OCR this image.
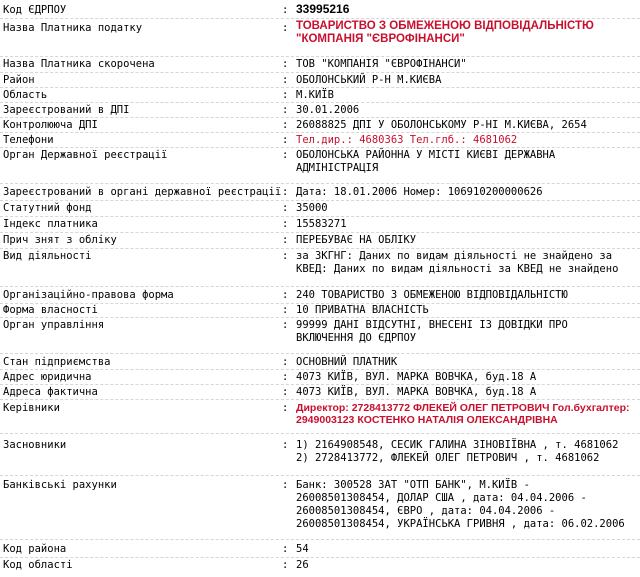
Код ЄДРПОУ	: 33995216
Назва Платника податку	: ТОВАРИСТВО З ОБМЕЖЕНОЮ ВІДПОВІДАЛЬНІСТЮ "КОМПАНІЯ "ЄВРОФІНАНСИ"
Назва Платника скорочена	: ТОВ "КОМПАНІЯ "ЄВРОФІНАНСИ"
Район	: ОБОЛОНСЬКИЙ Р-Н М.КИЄВА
Область	: М.КИЇВ
Зареєстрований в ДПІ	: 30.01.2006
Контролююча ДПІ	: 26088825 ДПІ У ОБОЛОНСЬКОМУ Р-НІ М.КИЄВА, 2654
Телефони	: Тел.дир.: 4680363 Тел.глб.: 4681062
Орган Державної реєстрації	: ОБОЛОНСЬКА РАЙОННА У МІСТІ КИЄВІ ДЕРЖАВНА
АДМІНІСТРАЦІЯ
Зареєстрований в органі державної реєстрації : Дата: 18.01.2006 Номер: 106910200000626
Статутний фонд	: 35000
Індекс платника	: 15583271
Прич знят з обліку	: ПЕРЕБУВАЄ НА ОБЛІКУ
Вид діяльності	: за ЗКГНГ: Даних по видам діяльності не знайдено за
КВЕД: Даних по видам діяльності за КВЕД не знайдено
Організаційно-правова форма	: 240 ТОВАРИСТВО З ОБМЕЖЕНОЮ ВІДПОВІДАЛЬНІСТЮ
Форма власності	: 10 ПРИВАТНА ВЛАСНІСТЬ
Орган управління	: 99999 ДАНІ ВІДСУТНІ, ВНЕСЕНІ ІЗ ДОВІДКИ ПРО
ВКЛЮЧЕННЯ ДО ЄДРПОУ
Стан підприємства	: ОСНОВНИЙ ПЛАТНИК
Адрес юридична	: 4073 КИЇВ, ВУЛ. МАРКА ВОВЧКА, буд.18 А
Адреса фактична	: 4073 КИЇВ, ВУЛ. МАРКА ВОВЧКА, буд.18 А
Керівники	: Директор: 2728413772 ФЛЕКЕЙ ОЛЕГ ПЕТРОВИЧ Гол.бухгалтер:
2949003123 КОСТЕНКО НАТАЛІЯ ОЛЕКСАНДРІВНА
Засновники	: 1) 2164908548, СЕСИК ГАЛИНА ЗІНОВІЇВНА , т. 4681062
2) 2728413772, ФЛЕКЕЙ ОЛЕГ ПЕТРОВИЧ , т. 4681062
Банківські рахунки	: Банк: 300528 ЗАТ "ОТП БАНК", М.КИЇВ -
26008501308454, ДОЛАР США , дата: 04.04.2006 -
26008501308454, ЄВРО , дата: 04.04.2006 -
26008501308454, УКРАЇНСЬКА ГРИВНЯ , дата: 06.02.2006
Код района	: 54
Код області	: 26
